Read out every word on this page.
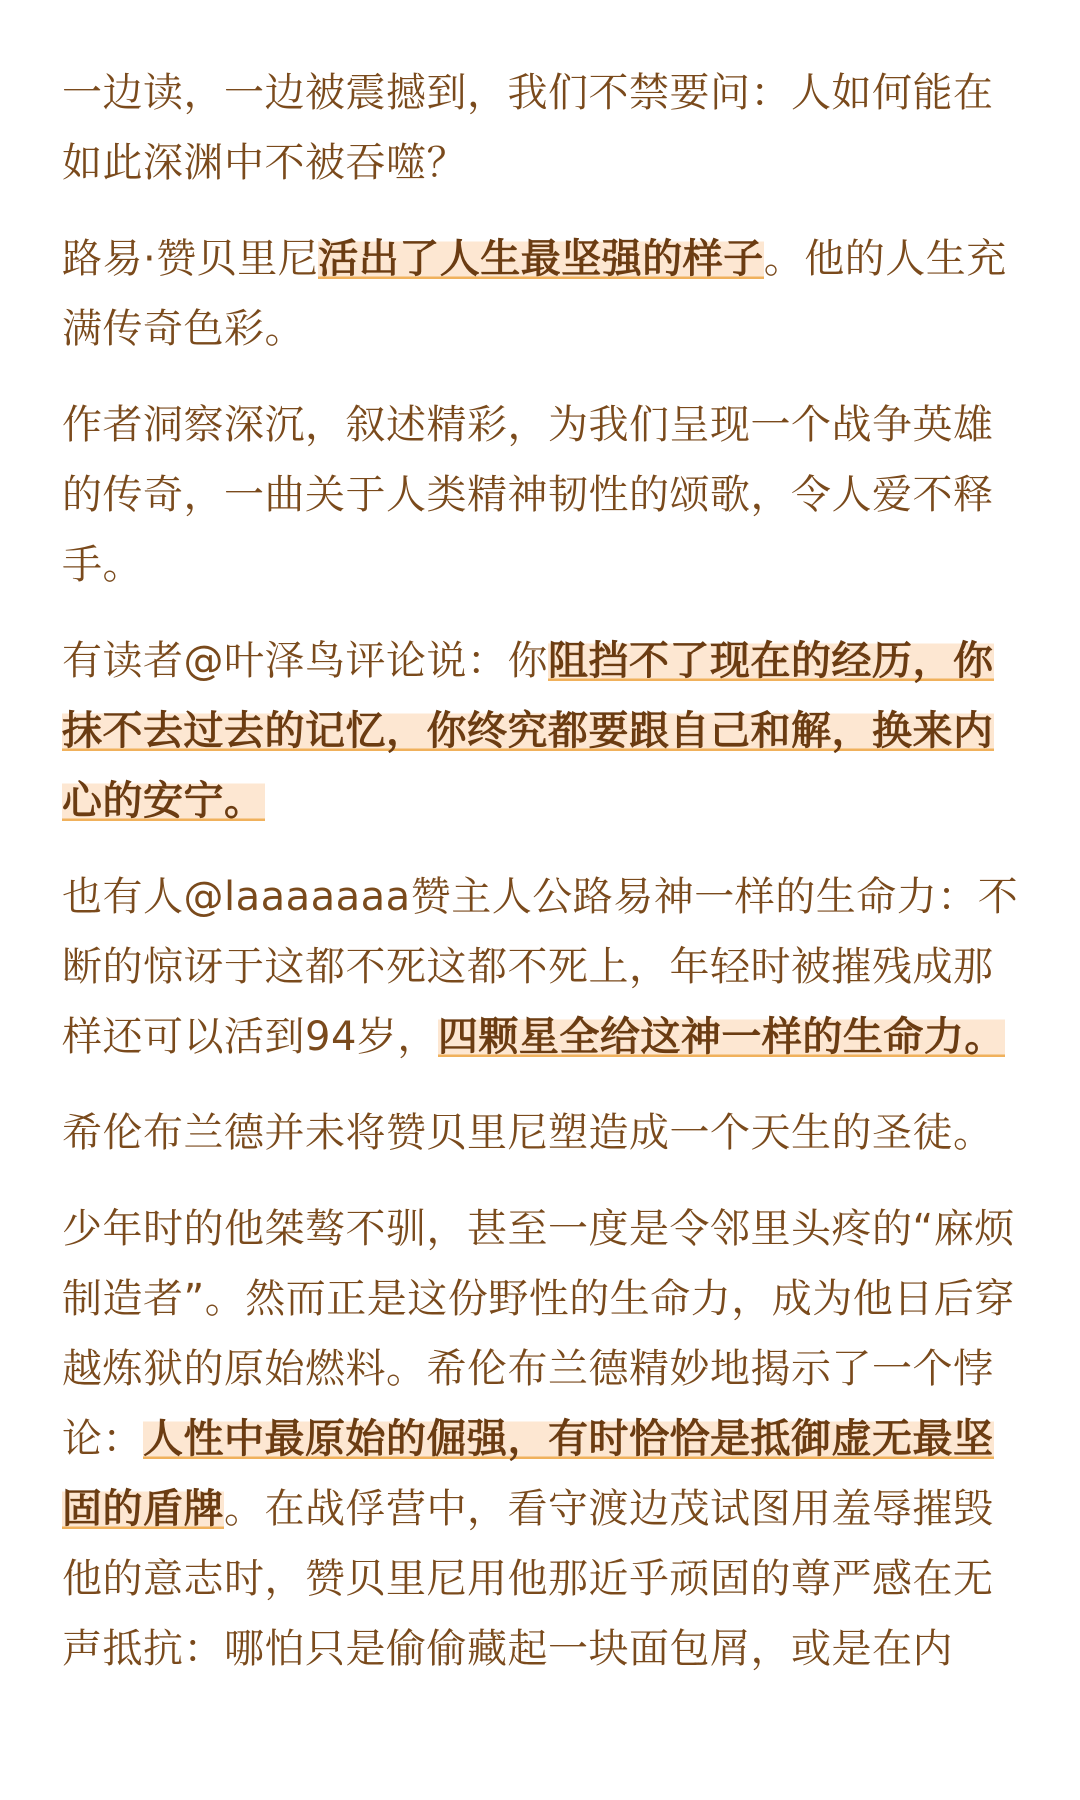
一边读，一边被震撼到，我们不禁要问：人如何能在如此深渊中不被吞噬？

路易·赞贝里尼活出了人生最坚强的样子。他的人生充满传奇色彩。

作者洞察深沉，叙述精彩，为我们呈现一个战争英雄的传奇，一曲关于人类精神韧性的颂歌，令人爱不释手。

有读者@叶泽鸟评论说：你阻挡不了现在的经历，你抹不去过去的记忆，你终究都要跟自己和解，换来内心的安宁。

也有人@laaaaaaa赞主人公路易神一样的生命力：不断的惊讶于这都不死这都不死上，年轻时被摧残成那样还可以活到94岁，四颗星全给这神一样的生命力。

希伦布兰德并未将赞贝里尼塑造成一个天生的圣徒。

少年时的他桀骜不驯，甚至一度是令邻里头疼的“麻烦制造者”。然而正是这份野性的生命力，成为他日后穿越炼狱的原始燃料。希伦布兰德精妙地揭示了一个悖论：人性中最原始的倔强，有时恰恰是抵御虚无最坚固的盾牌。在战俘营中，看守渡边茂试图用羞辱摧毁他的意志时，赞贝里尼用他那近乎顽固的尊严感在无声抵抗：哪怕只是偷偷藏起一块面包屑，或是在内
